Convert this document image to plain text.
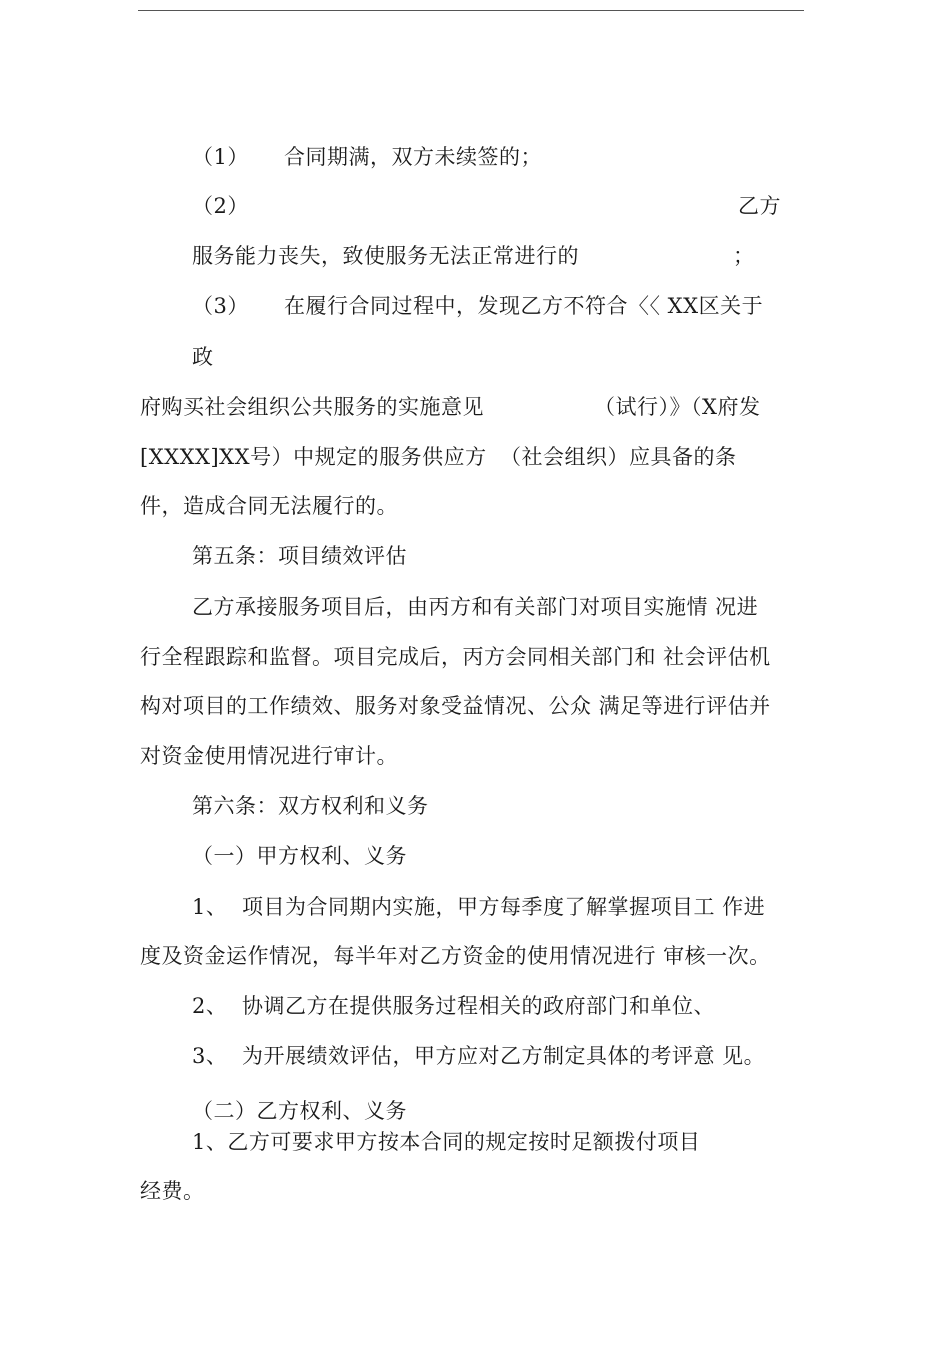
（1） 合同期满，双方未续签的；
（2）	乙方
服务能力丧失，致使服务无法正常进行的	；
（3） 在履行合同过程中，发现乙方不符合〈〈 XX区关于
政
府购买社会组织公共服务的实施意见	（试行）》（X府发
[XXXX]XX号）中规定的服务供应方 （社会组织）应具备的条
件，造成合同无法履行的。
第五条：项目绩效评估
乙方承接服务项目后，由丙方和有关部门对项目实施情 况进
行全程跟踪和监督。项目完成后，丙方会同相关部门和 社会评估机
构对项目的工作绩效、服务对象受益情况、公众 满足等进行评估并
对资金使用情况进行审计。
第六条：双方权利和义务
（一）甲方权利、义务
1、 项目为合同期内实施，甲方每季度了解掌握项目工 作进
度及资金运作情况，每半年对乙方资金的使用情况进行 审核一次。
2、 协调乙方在提供服务过程相关的政府部门和单位、
3、 为开展绩效评估，甲方应对乙方制定具体的考评意 见。
（二）乙方权利、义务
1、乙方可要求甲方按本合同的规定按时足额拨付项目
经费。
